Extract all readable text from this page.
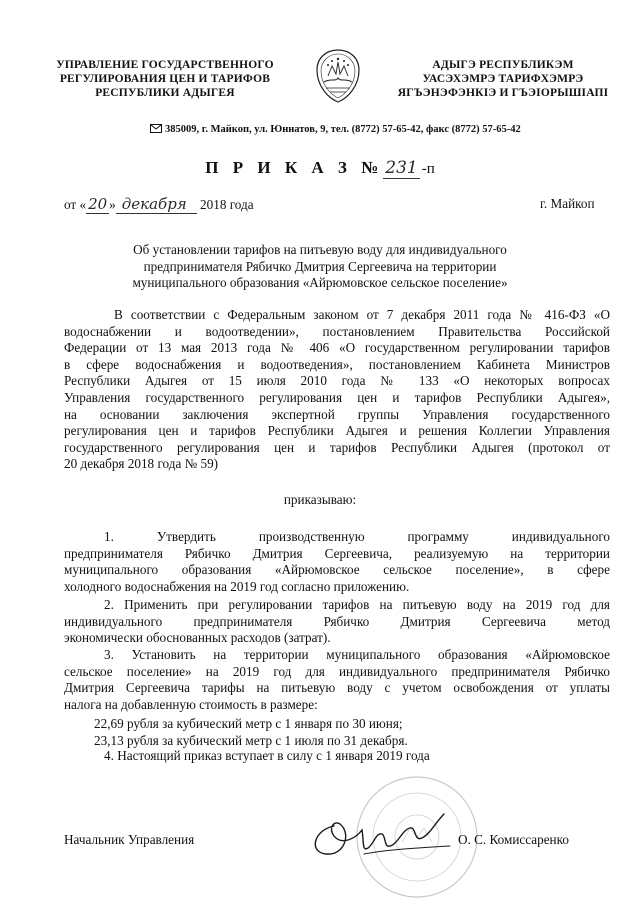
УПРАВЛЕНИЕ ГОСУДАРСТВЕННОГО
РЕГУЛИРОВАНИЯ ЦЕН И ТАРИФОВ
РЕСПУБЛИКИ АДЫГЕЯ
АДЫГЭ РЕСПУБЛИКЭМ
УАСЭХЭМРЭ ТАРИФХЭМРЭ
ЯГЪЭНЭФЭНКІЭ И ГЪЭІОРЫШІАПІ
385009, г. Майкоп, ул. Юннатов, 9, тел. (8772) 57-65-42, факс (8772) 57-65-42
П Р И К А З № 231 -п
от « 20 » декабря 2018 года	г. Майкоп
Об установлении тарифов на питьевую воду для индивидуального
предпринимателя Рябичко Дмитрия Сергеевича на территории
муниципального образования «Айрюмовское сельское поселение»
В соответствии с Федеральным законом от 7 декабря 2011 года № 416-ФЗ «О
водоснабжении и водоотведении», постановлением Правительства Российской
Федерации от 13 мая 2013 года № 406 «О государственном регулировании тарифов
в сфере водоснабжения и водоотведения», постановлением Кабинета Министров
Республики Адыгея от 15 июля 2010 года № 133 «О некоторых вопросах
Управления государственного регулирования цен и тарифов Республики Адыгея»,
на основании заключения экспертной группы Управления государственного
регулирования цен и тарифов Республики Адыгея и решения Коллегии Управления
государственного регулирования цен и тарифов Республики Адыгея (протокол от
20 декабря 2018 года № 59)
приказываю:
1. Утвердить производственную программу индивидуального
предпринимателя Рябичко Дмитрия Сергеевича, реализуемую на территории
муниципального образования «Айрюмовское сельское поселение», в сфере
холодного водоснабжения на 2019 год согласно приложению.
2. Применить при регулировании тарифов на питьевую воду на 2019 год для
индивидуального предпринимателя Рябичко Дмитрия Сергеевича метод
экономически обоснованных расходов (затрат).
3. Установить на территории муниципального образования «Айрюмовское
сельское поселение» на 2019 год для индивидуального предпринимателя Рябичко
Дмитрия Сергеевича тарифы на питьевую воду с учетом освобождения от уплаты
налога на добавленную стоимость в размере:
22,69 рубля за кубический метр с 1 января по 30 июня;
23,13 рубля за кубический метр с 1 июля по 31 декабря.
4. Настоящий приказ вступает в силу с 1 января 2019 года
Начальник Управления	О. С. Комиссаренко
